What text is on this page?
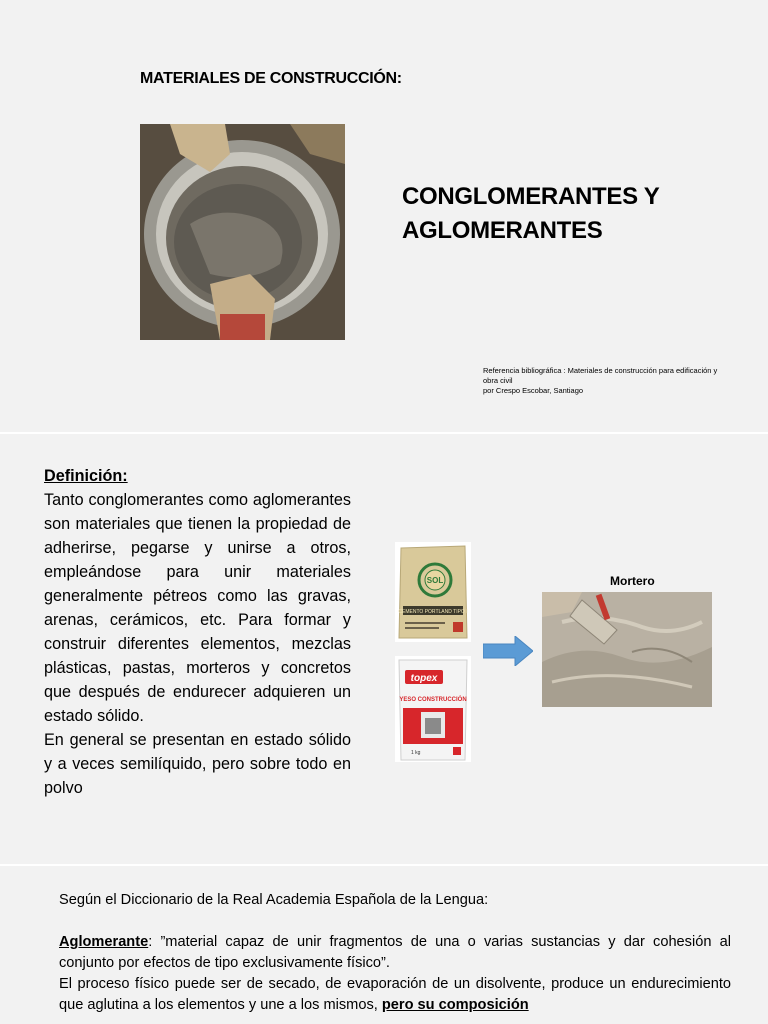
MATERIALES DE CONSTRUCCIÓN:
CONGLOMERANTES Y
AGLOMERANTES
Referencia bibliográfica : Materiales de construcción para edificación y
obra civil
por Crespo Escobar, Santiago
Definición:
Tanto conglomerantes como aglomerantes son materiales que tienen la propiedad de adherirse, pegarse y unirse a otros, empleándose para unir materiales generalmente pétreos como las gravas, arenas, cerámicos, etc. Para formar y construir diferentes elementos, mezclas plásticas, pastas, morteros y concretos que después de endurecer adquieren un estado sólido.
En general se presentan en estado sólido y a veces semilíquido, pero sobre todo en polvo
SOL
CEMENTO PORTLAND TIPO I
topex
YESO CONSTRUCCIÓN
1 kg
Mortero
Según el Diccionario de la Real Academia Española de la Lengua:
Aglomerante: ”material capaz de unir fragmentos de una o varias sustancias y dar cohesión al conjunto por efectos de tipo exclusivamente físico”.
El proceso físico puede ser de secado, de evaporación de un disolvente, produce un endurecimiento que aglutina a los elementos y une a los mismos, pero su composición
